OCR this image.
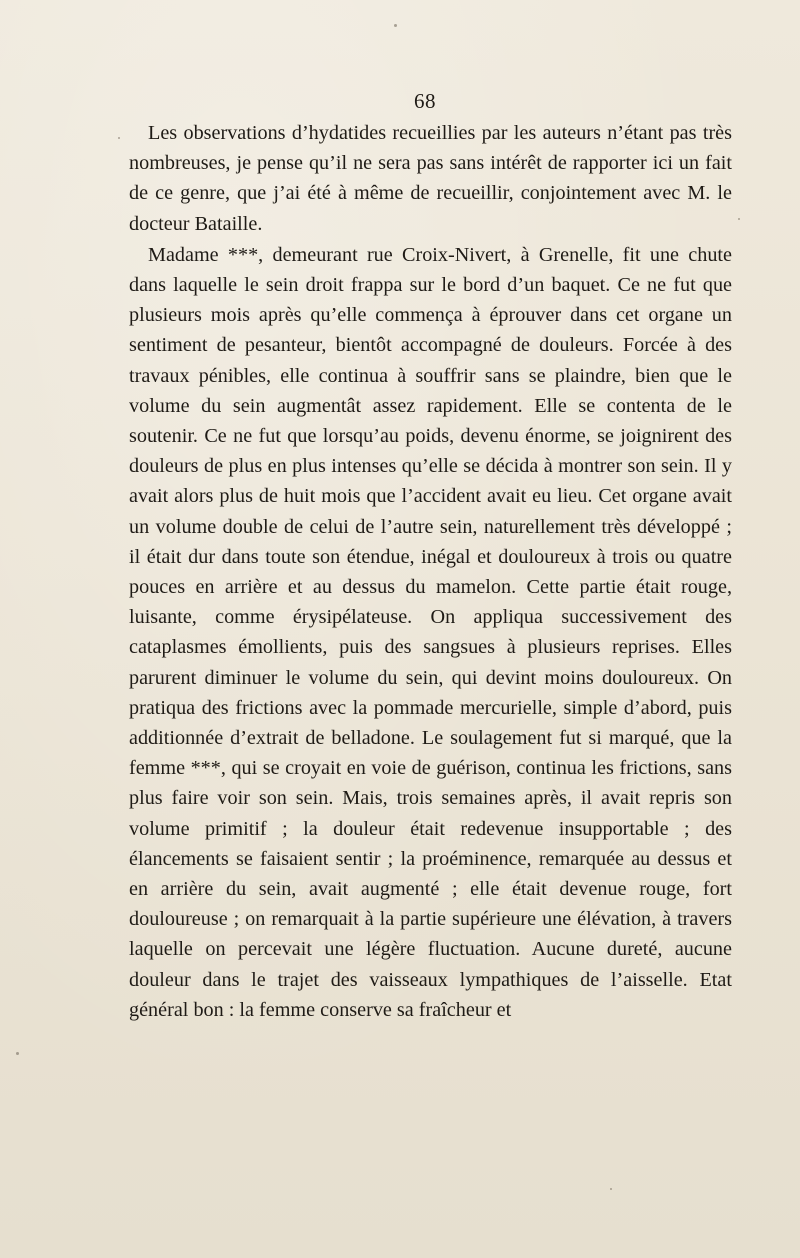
68

Les observations d’hydatides recueillies par les auteurs n’étant pas très nombreuses, je pense qu’il ne sera pas sans intérêt de rapporter ici un fait de ce genre, que j’ai été à même de recueillir, conjointement avec M. le docteur Bataille.

Madame ***, demeurant rue Croix-Nivert, à Grenelle, fit une chute dans laquelle le sein droit frappa sur le bord d’un baquet. Ce ne fut que plusieurs mois après qu’elle commença à éprouver dans cet organe un sentiment de pesanteur, bientôt accompagné de douleurs. Forcée à des travaux pénibles, elle continua à souffrir sans se plaindre, bien que le volume du sein augmentât assez rapidement. Elle se contenta de le soutenir. Ce ne fut que lorsqu’au poids, devenu énorme, se joignirent des douleurs de plus en plus intenses qu’elle se décida à montrer son sein. Il y avait alors plus de huit mois que l’accident avait eu lieu. Cet organe avait un volume double de celui de l’autre sein, naturellement très développé ; il était dur dans toute son étendue, inégal et douloureux à trois ou quatre pouces en arrière et au dessus du mamelon. Cette partie était rouge, luisante, comme érysipélateuse. On appliqua successivement des cataplasmes émollients, puis des sangsues à plusieurs reprises. Elles parurent diminuer le volume du sein, qui devint moins douloureux. On pratiqua des frictions avec la pommade mercurielle, simple d’abord, puis additionnée d’extrait de belladone. Le soulagement fut si marqué, que la femme ***, qui se croyait en voie de guérison, continua les frictions, sans plus faire voir son sein. Mais, trois semaines après, il avait repris son volume primitif ; la douleur était redevenue insupportable ; des élancements se faisaient sentir ; la proéminence, remarquée au dessus et en arrière du sein, avait augmenté ; elle était devenue rouge, fort douloureuse ; on remarquait à la partie supérieure une élévation, à travers laquelle on percevait une légère fluctuation. Aucune dureté, aucune douleur dans le trajet des vaisseaux lympathiques de l’aisselle. Etat général bon : la femme conserve sa fraîcheur et
